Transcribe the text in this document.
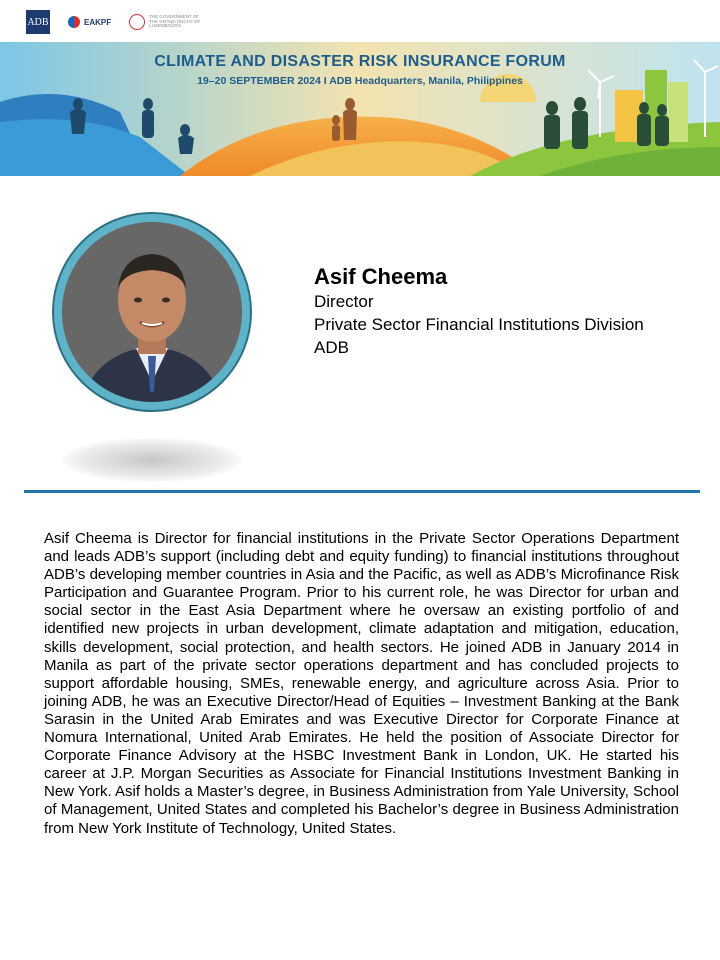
ADB	EAKPF
THE GOVERNMENT OF THE GRAND DUCHY OF LUXEMBOURG
CLIMATE AND DISASTER RISK INSURANCE FORUM
19–20 SEPTEMBER 2024 I ADB Headquarters, Manila, Philippines
Asif Cheema
Director
Private Sector Financial Institutions Division
ADB
Asif Cheema is Director for financial institutions in the Private Sector Operations Department and leads ADB’s support (including debt and equity funding) to financial institutions throughout ADB’s developing member countries in Asia and the Pacific, as well as ADB’s Microfinance Risk Participation and Guarantee Program. Prior to his current role, he was Director for urban and social sector in the East Asia Department where he oversaw an existing portfolio of and identified new projects in urban development, climate adaptation and mitigation, education, skills development, social protection, and health sectors. He joined ADB in January 2014 in Manila as part of the private sector operations department and has concluded projects to support affordable housing, SMEs, renewable energy, and agriculture across Asia. Prior to joining ADB, he was an Executive Director/Head of Equities – Investment Banking at the Bank Sarasin in the United Arab Emirates and was Executive Director for Corporate Finance at Nomura International, United Arab Emirates. He held the position of Associate Director for Corporate Finance Advisory at the HSBC Investment Bank in London, UK. He started his career at J.P. Morgan Securities as Associate for Financial Institutions Investment Banking in New York. Asif holds a Master’s degree, in Business Administration from Yale University, School of Management, United States and completed his Bachelor’s degree in Business Administration from New York Institute of Technology, United States.
